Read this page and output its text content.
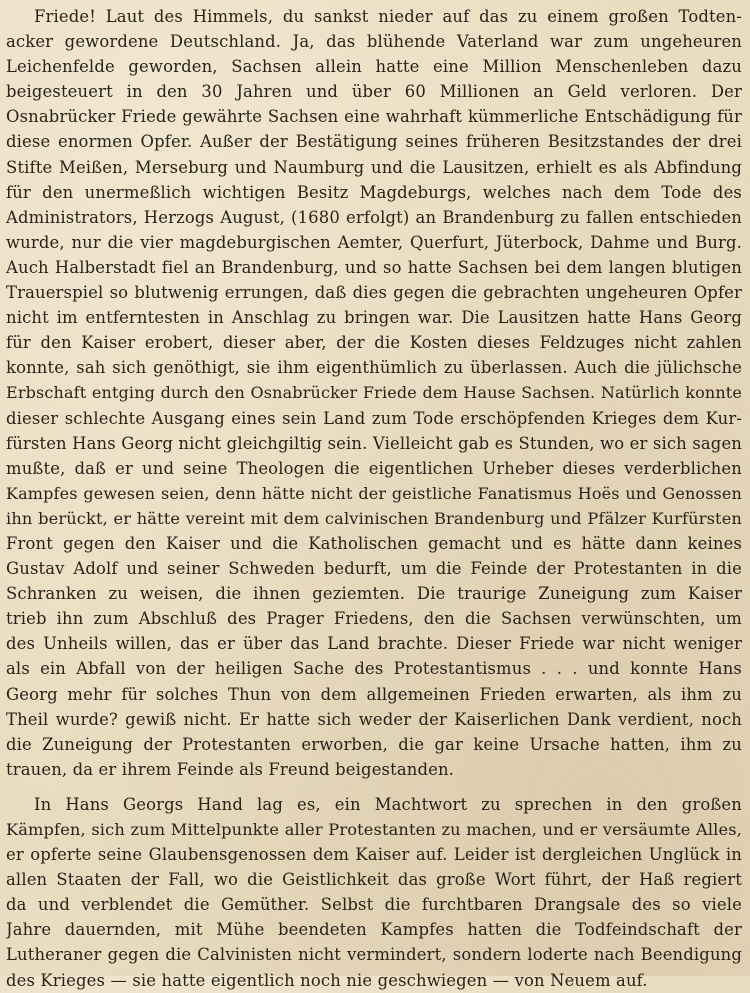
Friede! Laut des Himmels, du sankst nieder auf das zu einem großen Todten-
acker gewordene Deutschland. Ja, das blühende Vaterland war zum ungeheuren
Leichenfelde geworden, Sachsen allein hatte eine Million Menschenleben dazu
beigesteuert in den 30 Jahren und über 60 Millionen an Geld verloren. Der
Osnabrücker Friede gewährte Sachsen eine wahrhaft kümmerliche Entschädigung für
diese enormen Opfer. Außer der Bestätigung seines früheren Besitzstandes der drei
Stifte Meißen, Merseburg und Naumburg und die Lausitzen, erhielt es als Abfindung
für den unermeßlich wichtigen Besitz Magdeburgs, welches nach dem Tode des
Administrators, Herzogs August, (1680 erfolgt) an Brandenburg zu fallen entschieden
wurde, nur die vier magdeburgischen Aemter, Querfurt, Jüterbock, Dahme und Burg.
Auch Halberstadt fiel an Brandenburg, und so hatte Sachsen bei dem langen blutigen
Trauerspiel so blutwenig errungen, daß dies gegen die gebrachten ungeheuren Opfer
nicht im entferntesten in Anschlag zu bringen war. Die Lausitzen hatte Hans Georg
für den Kaiser erobert, dieser aber, der die Kosten dieses Feldzuges nicht zahlen
konnte, sah sich genöthigt, sie ihm eigenthümlich zu überlassen. Auch die jülichsche
Erbschaft entging durch den Osnabrücker Friede dem Hause Sachsen. Natürlich konnte
dieser schlechte Ausgang eines sein Land zum Tode erschöpfenden Krieges dem Kur-
fürsten Hans Georg nicht gleichgiltig sein. Vielleicht gab es Stunden, wo er sich sagen
mußte, daß er und seine Theologen die eigentlichen Urheber dieses verderblichen
Kampfes gewesen seien, denn hätte nicht der geistliche Fanatismus Hoës und Genossen
ihn berückt, er hätte vereint mit dem calvinischen Brandenburg und Pfälzer Kurfürsten
Front gegen den Kaiser und die Katholischen gemacht und es hätte dann keines
Gustav Adolf und seiner Schweden bedurft, um die Feinde der Protestanten in die
Schranken zu weisen, die ihnen geziemten. Die traurige Zuneigung zum Kaiser
trieb ihn zum Abschluß des Prager Friedens, den die Sachsen verwünschten, um
des Unheils willen, das er über das Land brachte. Dieser Friede war nicht weniger
als ein Abfall von der heiligen Sache des Protestantismus . . . und konnte Hans
Georg mehr für solches Thun von dem allgemeinen Frieden erwarten, als ihm zu
Theil wurde? gewiß nicht. Er hatte sich weder der Kaiserlichen Dank verdient, noch
die Zuneigung der Protestanten erworben, die gar keine Ursache hatten, ihm zu
trauen, da er ihrem Feinde als Freund beigestanden.
In Hans Georgs Hand lag es, ein Machtwort zu sprechen in den großen
Kämpfen, sich zum Mittelpunkte aller Protestanten zu machen, und er versäumte Alles,
er opferte seine Glaubensgenossen dem Kaiser auf. Leider ist dergleichen Unglück in
allen Staaten der Fall, wo die Geistlichkeit das große Wort führt, der Haß regiert
da und verblendet die Gemüther. Selbst die furchtbaren Drangsale des so viele
Jahre dauernden, mit Mühe beendeten Kampfes hatten die Todfeindschaft der
Lutheraner gegen die Calvinisten nicht vermindert, sondern loderte nach Beendigung
des Krieges — sie hatte eigentlich noch nie geschwiegen — von Neuem auf.
